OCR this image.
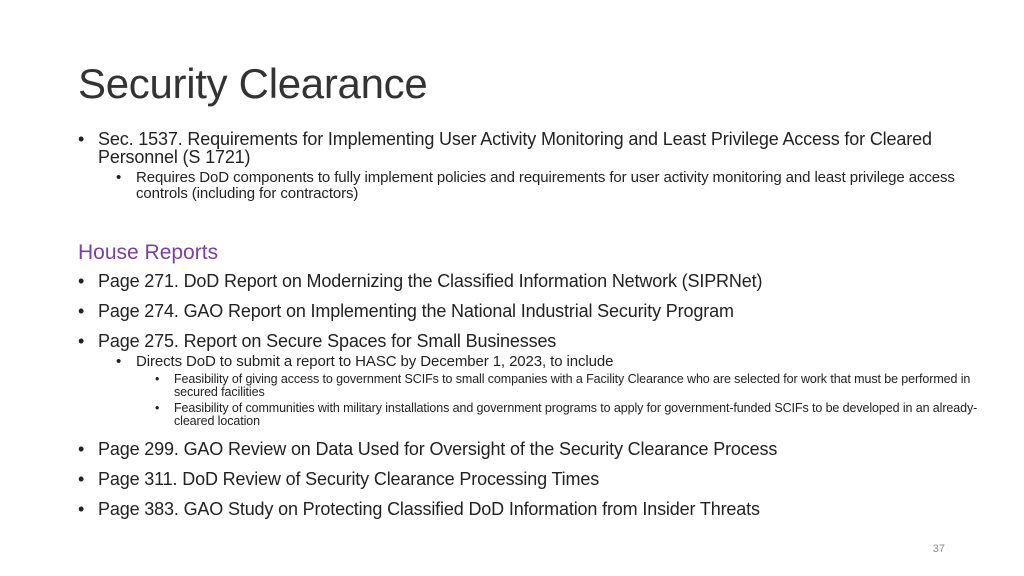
Security Clearance
• Sec. 1537. Requirements for Implementing User Activity Monitoring and Least Privilege Access for Cleared Personnel (S 1721)
• Requires DoD components to fully implement policies and requirements for user activity monitoring and least privilege access controls (including for contractors)
House Reports
• Page 271. DoD Report on Modernizing the Classified Information Network (SIPRNet)
• Page 274. GAO Report on Implementing the National Industrial Security Program
• Page 275. Report on Secure Spaces for Small Businesses
• Directs DoD to submit a report to HASC by December 1, 2023, to include
• Feasibility of giving access to government SCIFs to small companies with a Facility Clearance who are selected for work that must be performed in secured facilities
• Feasibility of communities with military installations and government programs to apply for government-funded SCIFs to be developed in an already-cleared location
• Page 299. GAO Review on Data Used for Oversight of the Security Clearance Process
• Page 311. DoD Review of Security Clearance Processing Times
• Page 383. GAO Study on Protecting Classified DoD Information from Insider Threats
37
